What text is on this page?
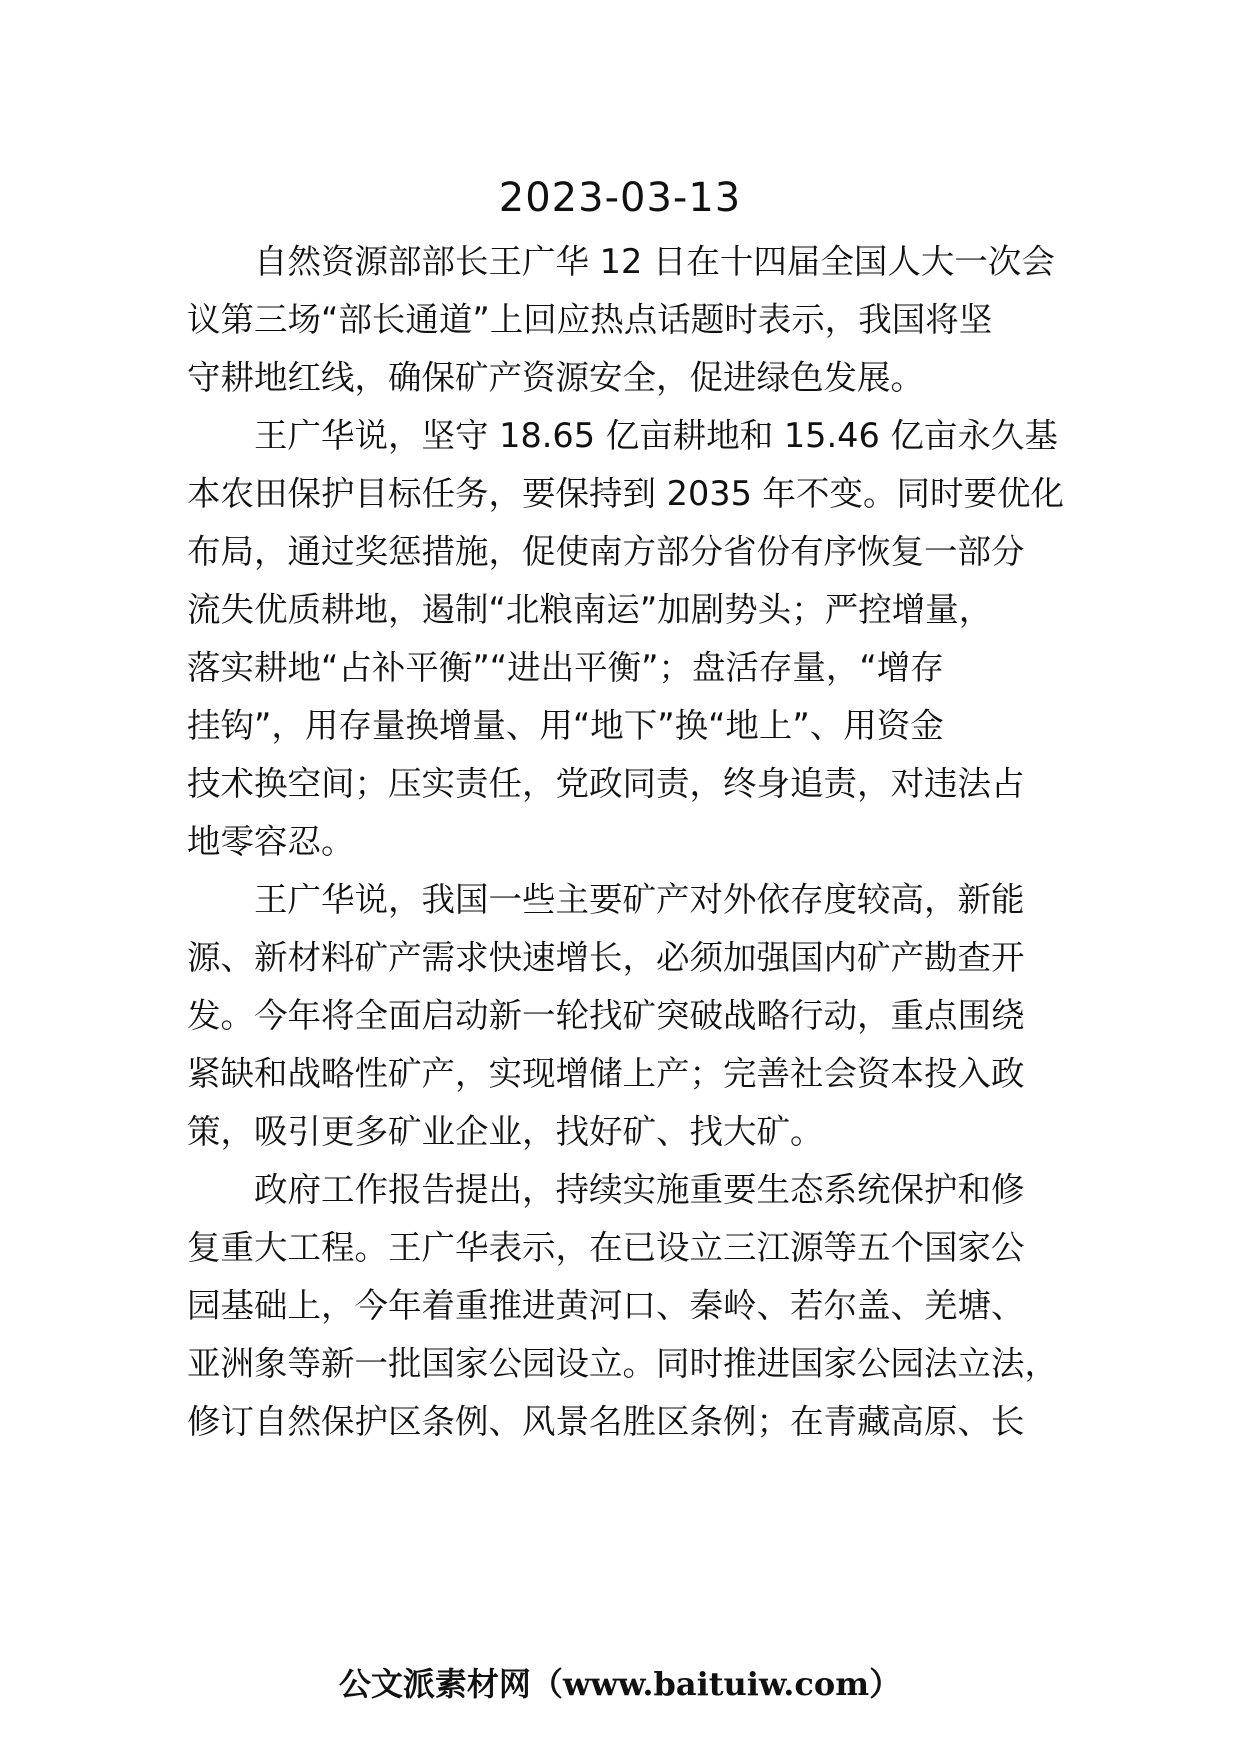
2023-03-13
自然资源部部长王广华 12 日在十四届全国人大一次会
议第三场“部长通道”上回应热点话题时表示，我国将坚
守耕地红线，确保矿产资源安全，促进绿色发展。
王广华说，坚守 18.65 亿亩耕地和 15.46 亿亩永久基
本农田保护目标任务，要保持到 2035 年不变。同时要优化
布局，通过奖惩措施，促使南方部分省份有序恢复一部分
流失优质耕地，遏制“北粮南运”加剧势头；严控增量，
落实耕地“占补平衡”“进出平衡”；盘活存量，“增存
挂钩”，用存量换增量、用“地下”换“地上”、用资金
技术换空间；压实责任，党政同责，终身追责，对违法占
地零容忍。
王广华说，我国一些主要矿产对外依存度较高，新能
源、新材料矿产需求快速增长，必须加强国内矿产勘查开
发。今年将全面启动新一轮找矿突破战略行动，重点围绕
紧缺和战略性矿产，实现增储上产；完善社会资本投入政
策，吸引更多矿业企业，找好矿、找大矿。
政府工作报告提出，持续实施重要生态系统保护和修
复重大工程。王广华表示，在已设立三江源等五个国家公
园基础上，今年着重推进黄河口、秦岭、若尔盖、羌塘、
亚洲象等新一批国家公园设立。同时推进国家公园法立法，
修订自然保护区条例、风景名胜区条例；在青藏高原、长
公文派素材网（www.baituiw.com）
